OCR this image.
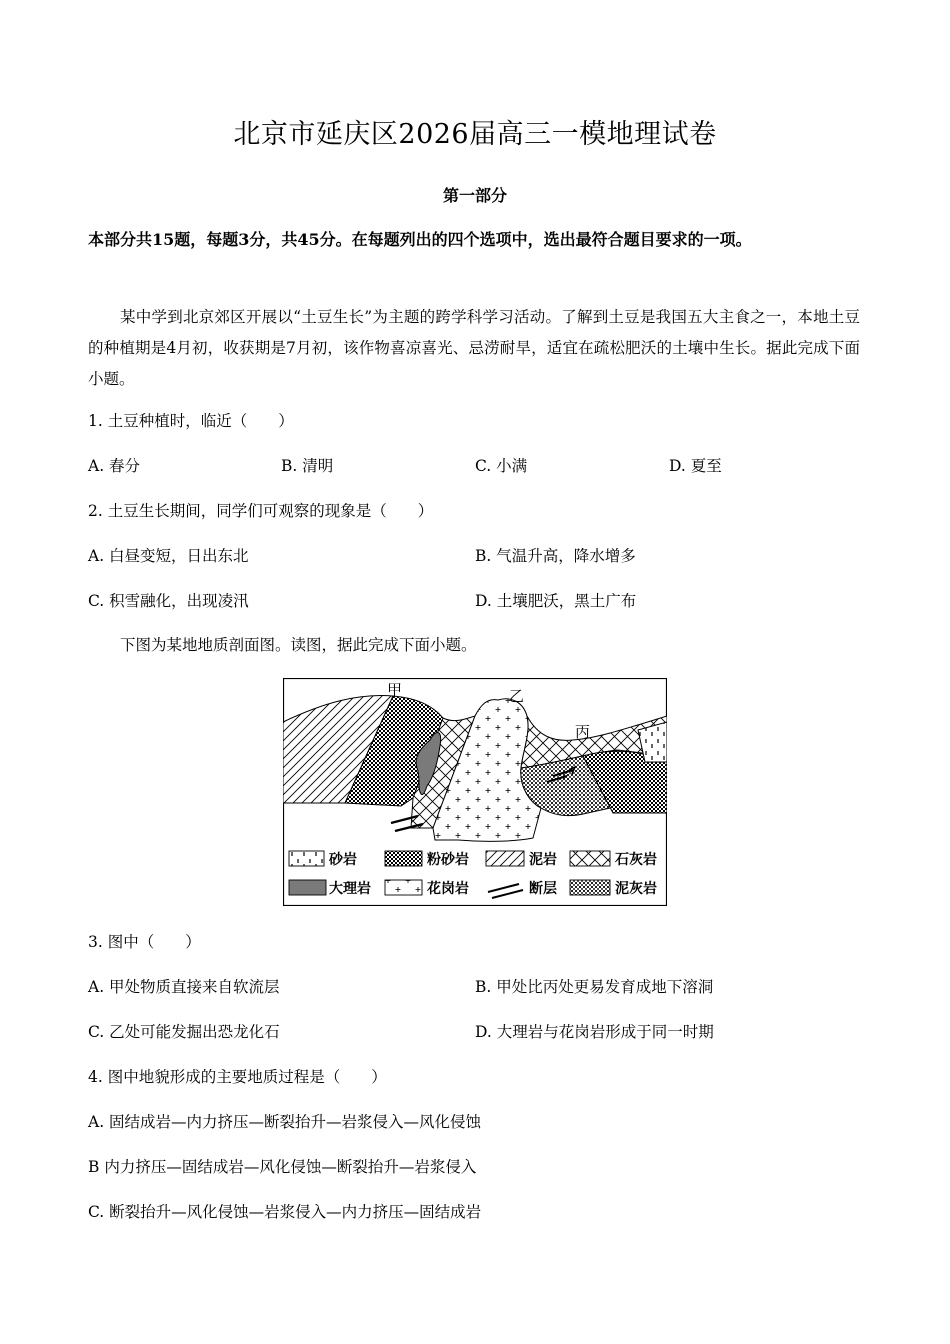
北京市延庆区2026届高三一模地理试卷
第一部分
本部分共15题，每题3分，共45分。在每题列出的四个选项中，选出最符合题目要求的一项。
某中学到北京郊区开展以“土豆生长”为主题的跨学科学习活动。了解到土豆是我国五大主食之一，本地土豆的种植期是4月初，收获期是7月初，该作物喜凉喜光、忌涝耐旱，适宜在疏松肥沃的土壤中生长。据此完成下面小题。
1. 土豆种植时，临近（　　）
A. 春分	B. 清明	C. 小满	D. 夏至
2. 土豆生长期间，同学们可观察的现象是（　　）
A. 白昼变短，日出东北	B. 气温升高，降水增多
C. 积雪融化，出现凌汛	D. 土壤肥沃，黑土广布
下图为某地地质剖面图。读图，据此完成下面小题。
甲	乙
丙
砂岩	粉砂岩	泥岩	石灰岩
大理岩	花岗岩	断层	泥灰岩
3. 图中（　　）
A. 甲处物质直接来自软流层	B. 甲处比丙处更易发育成地下溶洞
C. 乙处可能发掘出恐龙化石	D. 大理岩与花岗岩形成于同一时期
4. 图中地貌形成的主要地质过程是（　　）
A. 固结成岩—内力挤压—断裂抬升—岩浆侵入—风化侵蚀
B 内力挤压—固结成岩—风化侵蚀—断裂抬升—岩浆侵入
C. 断裂抬升—风化侵蚀—岩浆侵入—内力挤压—固结成岩
